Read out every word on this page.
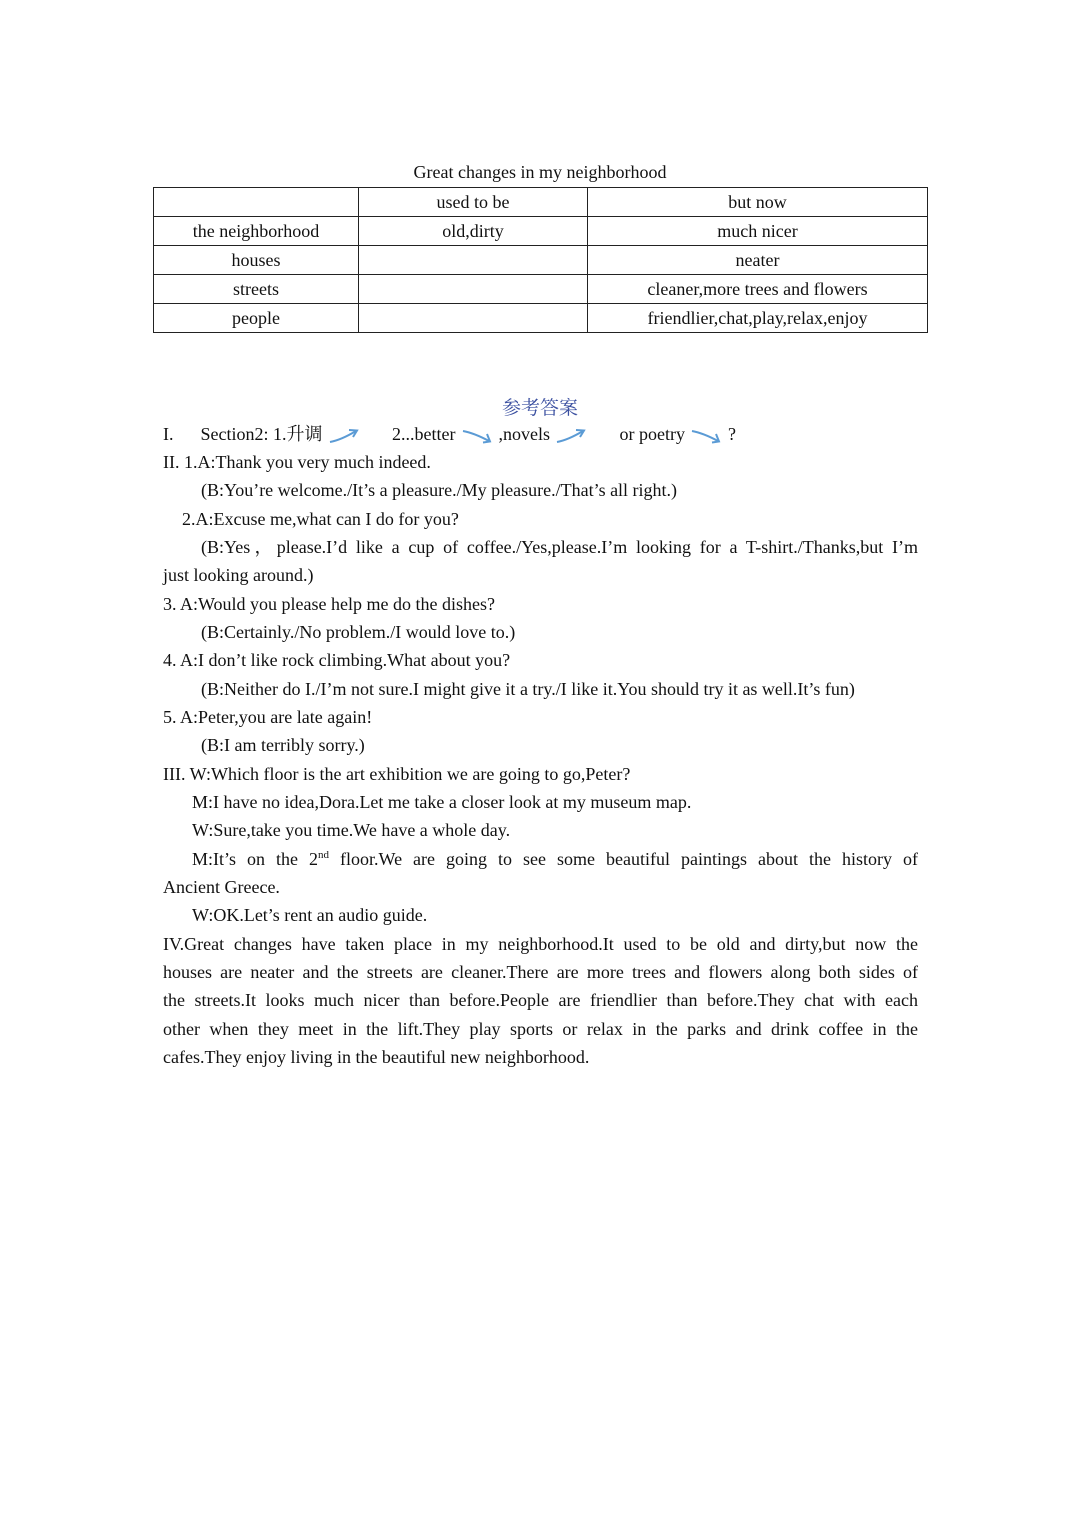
Great changes in my neighborhood
	used to be	but now
the neighborhood	old,dirty	much nicer
houses		neater
streets		cleaner,more trees and flowers
people		friendlier,chat,play,relax,enjoy
参考答案
I. Section2: 1.升调	2...better ,novels	or poetry ?
II. 1.A:Thank you very much indeed.
(B:You’re welcome./It’s a pleasure./My pleasure./That’s all right.)
2.A:Excuse me,what can I do for you?
(B:Yes，please.I’d like a cup of coffee./Yes,please.I’m looking for a T-shirt./Thanks,but I’m
just looking around.)
3. A:Would you please help me do the dishes?
(B:Certainly./No problem./I would love to.)
4. A:I don’t like rock climbing.What about you?
(B:Neither do I./I’m not sure.I might give it a try./I like it.You should try it as well.It’s fun)
5. A:Peter,you are late again!
(B:I am terribly sorry.)
III. W:Which floor is the art exhibition we are going to go,Peter?
M:I have no idea,Dora.Let me take a closer look at my museum map.
W:Sure,take you time.We have a whole day.
M:It’s on the 2nd floor.We are going to see some beautiful paintings about the history of
Ancient Greece.
W:OK.Let’s rent an audio guide.
IV.Great changes have taken place in my neighborhood.It used to be old and dirty,but now the
houses are neater and the streets are cleaner.There are more trees and flowers along both sides of
the streets.It looks much nicer than before.People are friendlier than before.They chat with each
other when they meet in the lift.They play sports or relax in the parks and drink coffee in the
cafes.They enjoy living in the beautiful new neighborhood.
